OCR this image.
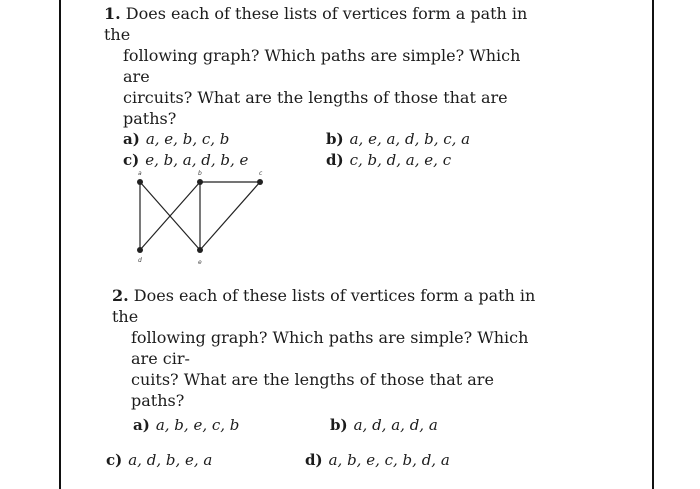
1. Does each of these lists of vertices form a path in the
following graph? Which paths are simple? Which are
circuits? What are the lengths of those that are paths?
a) a, e, b, c, b	b) a, e, a, d, b, c, a
c) e, b, a, d, b, e	d) c, b, d, a, e, c
a	b	c
d	e
2. Does each of these lists of vertices form a path in the
following graph? Which paths are simple? Which are cir-
cuits? What are the lengths of those that are paths?
a) a, b, e, c, b	b) a, d, a, d, a
c) a, d, b, e, a	d) a, b, e, c, b, d, a
